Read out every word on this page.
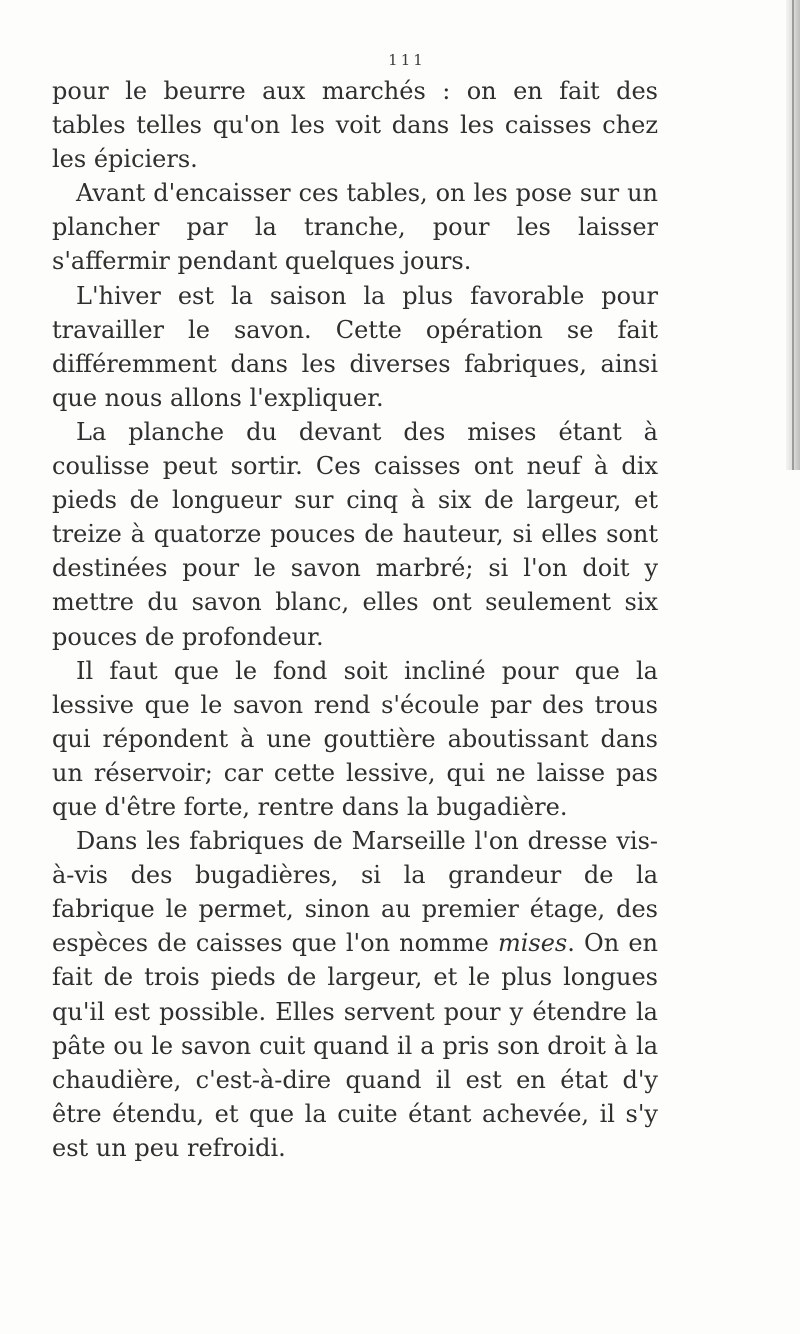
111

pour le beurre aux marchés : on en fait des tables telles qu'on les voit dans les caisses chez les épiciers.

Avant d'encaisser ces tables, on les pose sur un plancher par la tranche, pour les laisser s'affermir pendant quelques jours.

L'hiver est la saison la plus favorable pour travailler le savon. Cette opération se fait différemment dans les diverses fabriques, ainsi que nous allons l'expliquer.

La planche du devant des mises étant à coulisse peut sortir. Ces caisses ont neuf à dix pieds de longueur sur cinq à six de largeur, et treize à quatorze pouces de hauteur, si elles sont destinées pour le savon marbré; si l'on doit y mettre du savon blanc, elles ont seulement six pouces de profondeur.

Il faut que le fond soit incliné pour que la lessive que le savon rend s'écoule par des trous qui répondent à une gouttière aboutissant dans un réservoir; car cette lessive, qui ne laisse pas que d'être forte, rentre dans la bugadière.

Dans les fabriques de Marseille l'on dresse vis-à-vis des bugadières, si la grandeur de la fabrique le permet, sinon au premier étage, des espèces de caisses que l'on nomme mises. On en fait de trois pieds de largeur, et le plus longues qu'il est possible. Elles servent pour y étendre la pâte ou le savon cuit quand il a pris son droit à la chaudière, c'est-à-dire quand il est en état d'y être étendu, et que la cuite étant achevée, il s'y est un peu refroidi.
